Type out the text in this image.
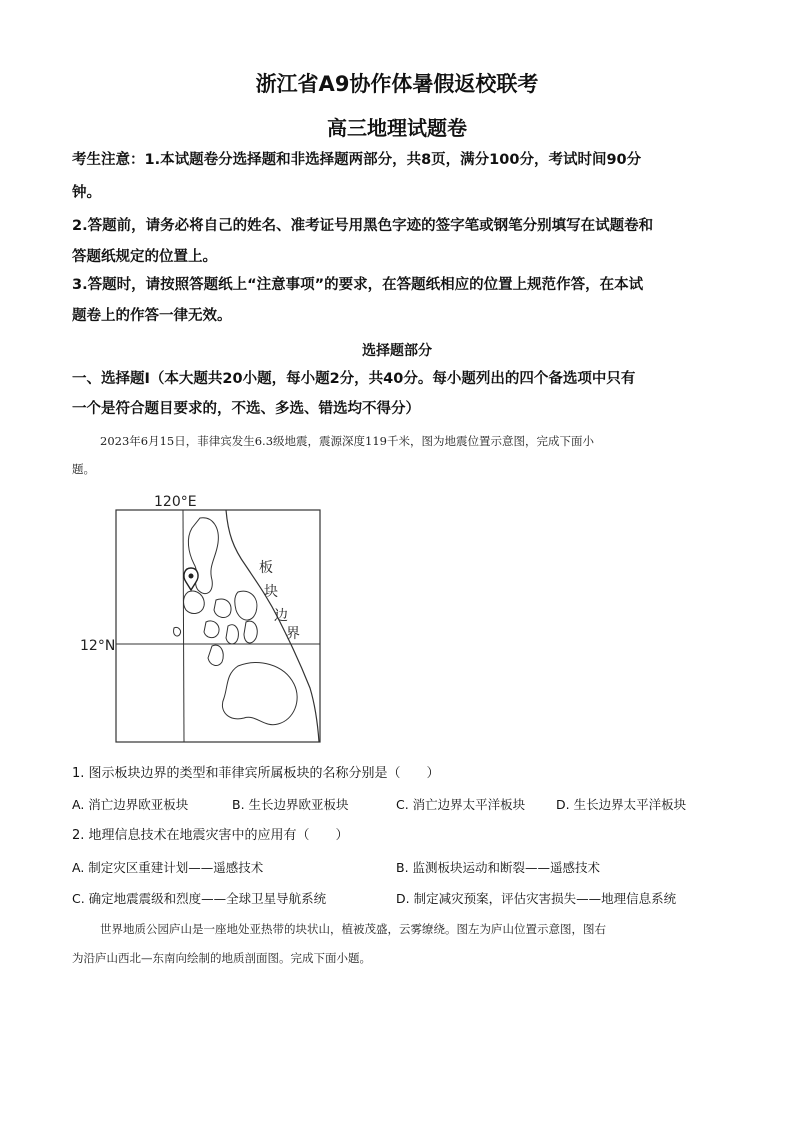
浙江省A9协作体暑假返校联考
高三地理试题卷
考生注意：1.本试题卷分选择题和非选择题两部分，共8页，满分100分，考试时间90分
钟。
2.答题前，请务必将自己的姓名、准考证号用黑色字迹的签字笔或钢笔分别填写在试题卷和
答题纸规定的位置上。
3.答题时，请按照答题纸上“注意事项”的要求，在答题纸相应的位置上规范作答，在本试
题卷上的作答一律无效。
选择题部分
一、选择题Ⅰ（本大题共20小题，每小题2分，共40分。每小题列出的四个备选项中只有
一个是符合题目要求的，不选、多选、错选均不得分）
2023年6月15日，菲律宾发生6.3级地震，震源深度119千米，图为地震位置示意图，完成下面小
题。
120°E
12°N
板
块
边
界
1. 图示板块边界的类型和菲律宾所属板块的名称分别是（　　）
A. 消亡边界欧亚板块	B. 生长边界欧亚板块	C. 消亡边界太平洋板块	D. 生长边界太平洋板块
2. 地理信息技术在地震灾害中的应用有（　　）
A. 制定灾区重建计划——遥感技术	B. 监测板块运动和断裂——遥感技术
C. 确定地震震级和烈度——全球卫星导航系统	D. 制定减灾预案，评估灾害损失——地理信息系统
世界地质公园庐山是一座地处亚热带的块状山，植被茂盛，云雾缭绕。图左为庐山位置示意图，图右
为沿庐山西北—东南向绘制的地质剖面图。完成下面小题。
